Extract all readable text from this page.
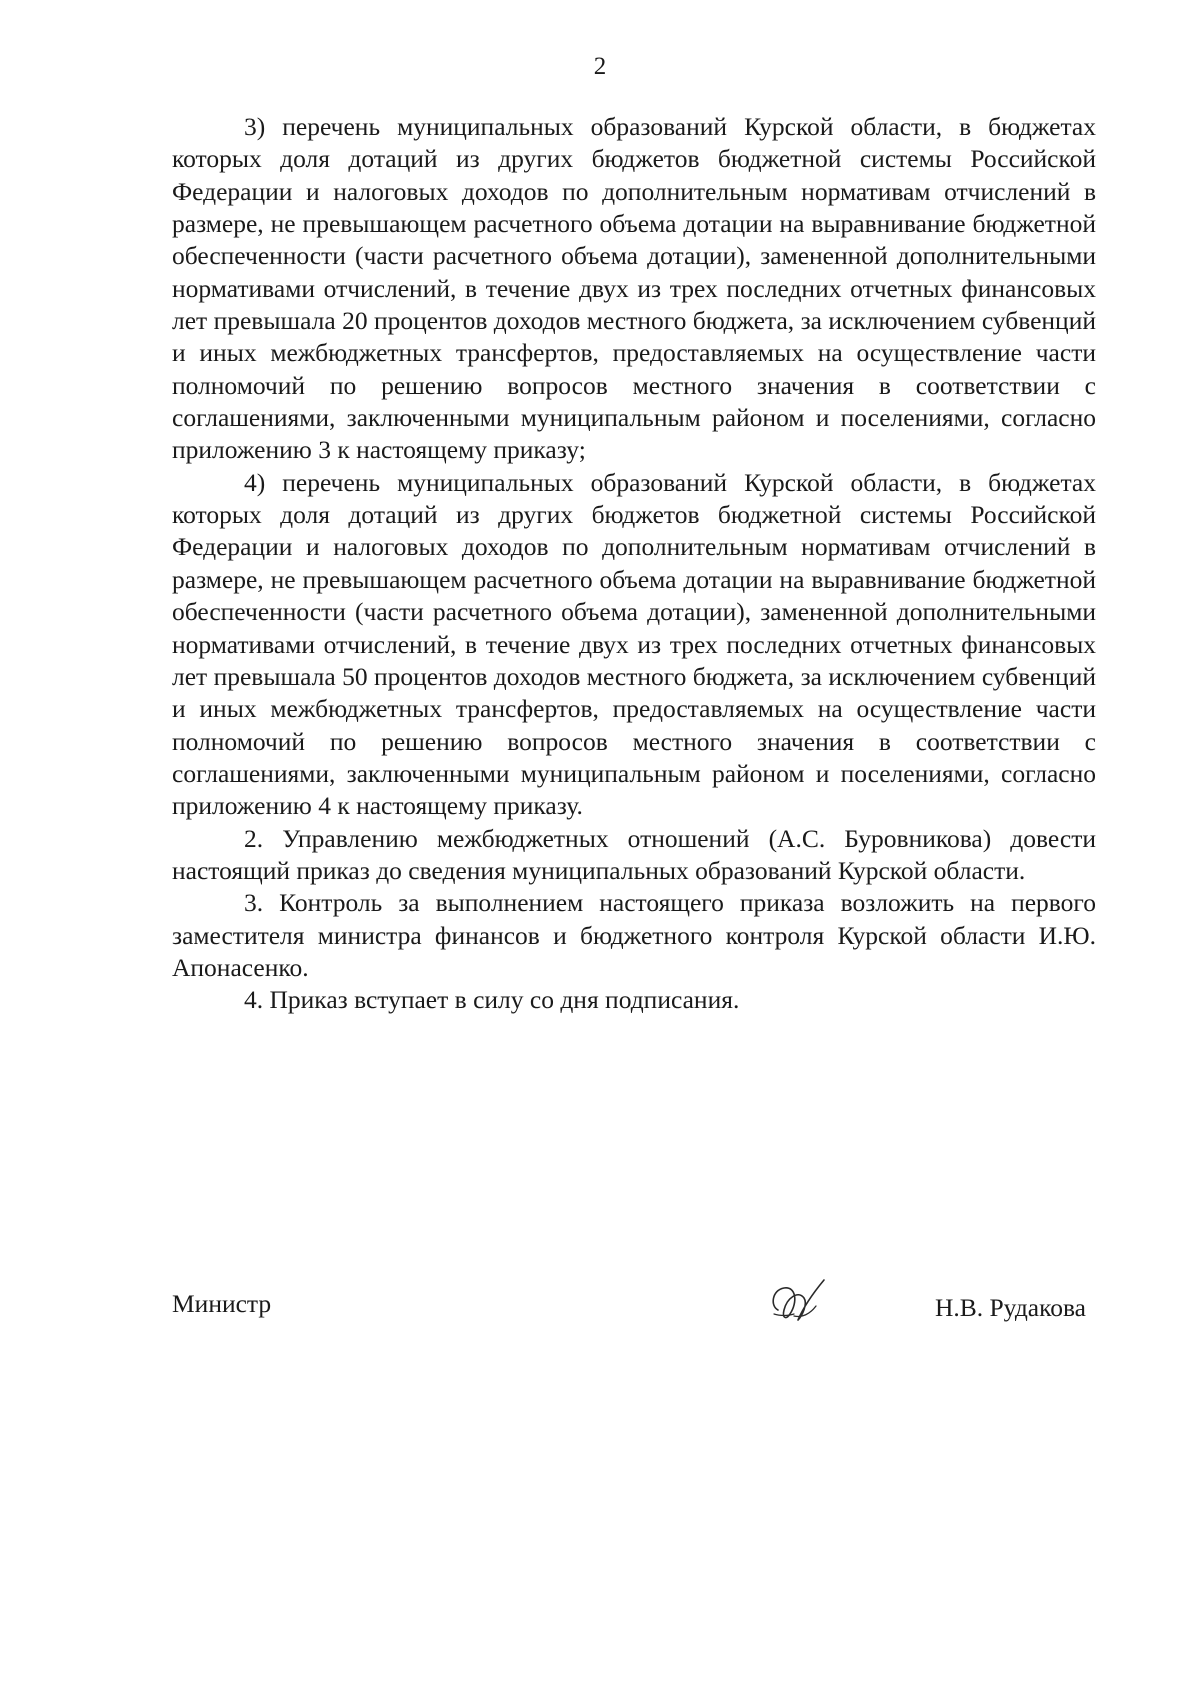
2

3) перечень муниципальных образований Курской области, в бюджетах которых доля дотаций из других бюджетов бюджетной системы Российской Федерации и налоговых доходов по дополнительным нормативам отчислений в размере, не превышающем расчетного объема дотации на выравнивание бюджетной обеспеченности (части расчетного объема дотации), замененной дополнительными нормативами отчислений, в течение двух из трех последних отчетных финансовых лет превышала 20 процентов доходов местного бюджета, за исключением субвенций и иных межбюджетных трансфертов, предоставляемых на осуществление части полномочий по решению вопросов местного значения в соответствии с соглашениями, заключенными муниципальным районом и поселениями, согласно приложению 3 к настоящему приказу;

4) перечень муниципальных образований Курской области, в бюджетах которых доля дотаций из других бюджетов бюджетной системы Российской Федерации и налоговых доходов по дополнительным нормативам отчислений в размере, не превышающем расчетного объема дотации на выравнивание бюджетной обеспеченности (части расчетного объема дотации), замененной дополнительными нормативами отчислений, в течение двух из трех последних отчетных финансовых лет превышала 50 процентов доходов местного бюджета, за исключением субвенций и иных межбюджетных трансфертов, предоставляемых на осуществление части полномочий по решению вопросов местного значения в соответствии с соглашениями, заключенными муниципальным районом и поселениями, согласно приложению 4 к настоящему приказу.

2. Управлению межбюджетных отношений (А.С. Буровникова) довести настоящий приказ до сведения муниципальных образований Курской области.

3. Контроль за выполнением настоящего приказа возложить на первого заместителя министра финансов и бюджетного контроля Курской области И.Ю. Апонасенко.

4. Приказ вступает в силу со дня подписания.

Министр	Н.В. Рудакова
